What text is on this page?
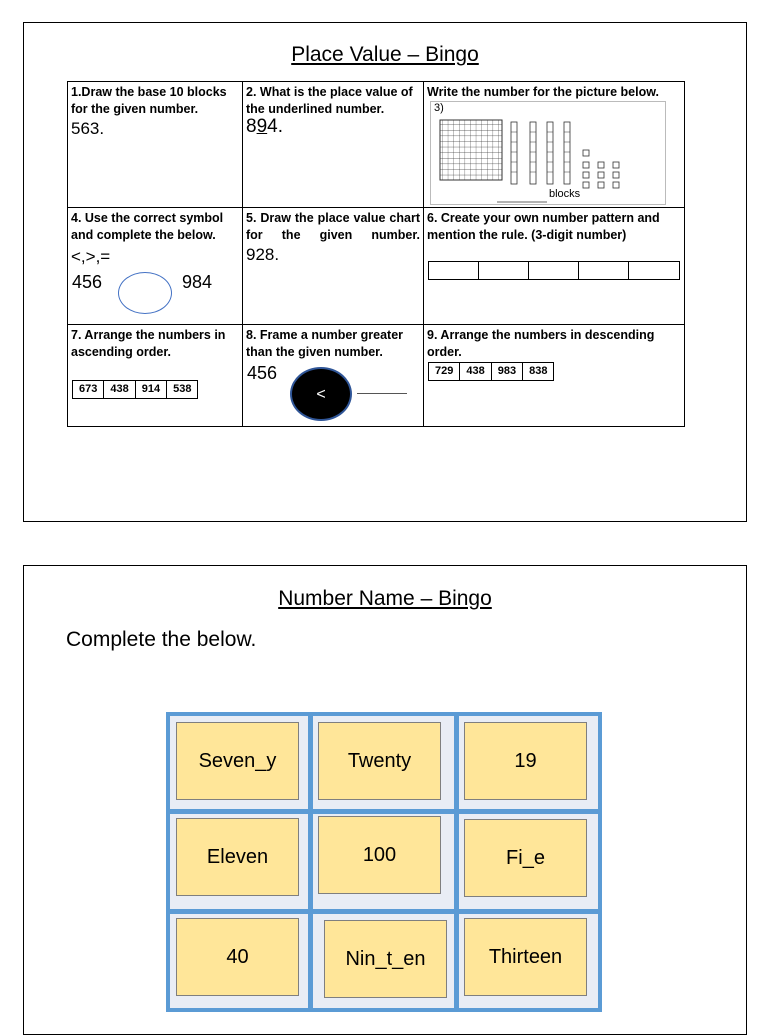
Place Value – Bingo
1.Draw the base 10 blocks for the given number.
563.
2. What is the place value of the underlined number.
894.
Write the number for the picture below.
3)
blocks
4. Use the correct symbol and complete the below.
<,>,=
456	984
5. Draw the place value chart for the given number.
928.
6. Create your own number pattern and mention the rule. (3-digit number)
7. Arrange the numbers in ascending order.
673	438	914	538
8. Frame a number greater than the given number.
456
<
9. Arrange the numbers in descending order.
729	438	983	838
Number Name – Bingo
Complete the below.
Seven_y	Twenty	19
Eleven	100	Fi_e
40	Nin_t_en	Thirteen
